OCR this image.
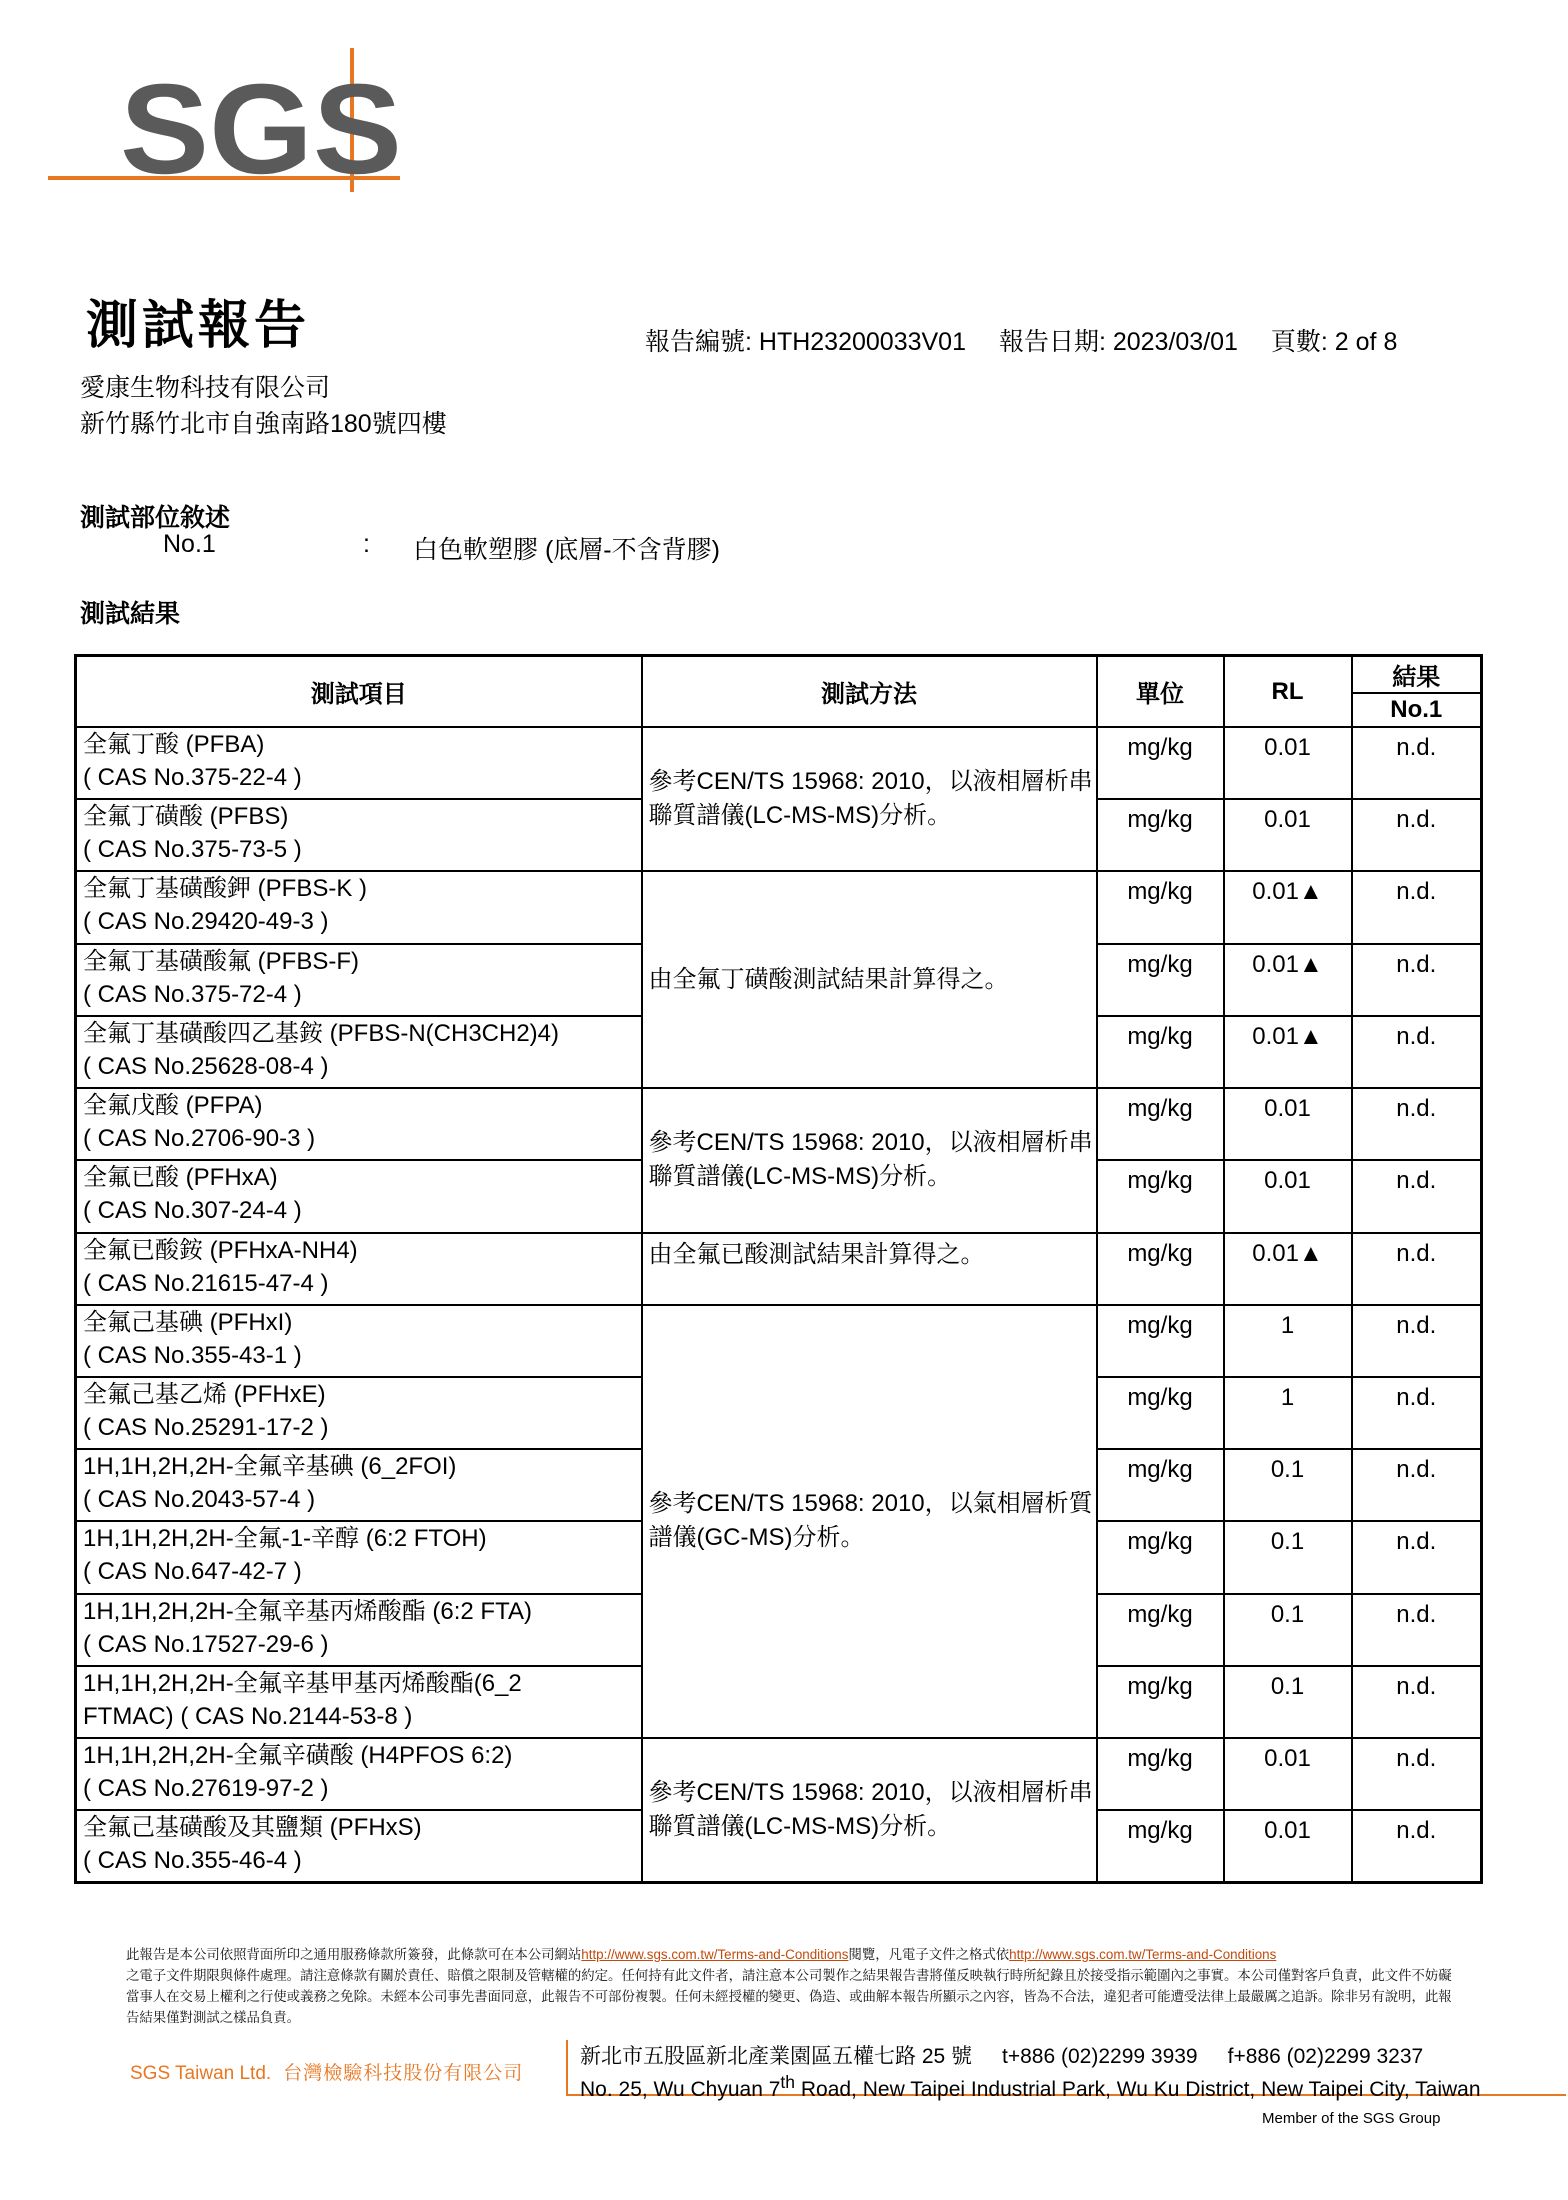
SGS
測試報告	報告編號: HTH23200033V01 報告日期: 2023/03/01 頁數: 2 of 8
愛康生物科技有限公司
新竹縣竹北市自強南路180號四樓
測試部位敘述
No.1	: 白色軟塑膠 (底層-不含背膠)
測試結果
測試項目	測試方法	單位	RL	結果
				No.1

全氟丁酸 (PFBA)
( CAS No.375-22-4 )	參考CEN/TS 15968: 2010，以液相層析串聯質譜儀(LC-MS-MS)分析。	mg/kg	0.01	n.d.

全氟丁磺酸 (PFBS)
( CAS No.375-73-5 )		mg/kg	0.01	n.d.

全氟丁基磺酸鉀 (PFBS-K )
( CAS No.29420-49-3 )	由全氟丁磺酸測試結果計算得之。	mg/kg	0.01▲	n.d.

全氟丁基磺酸氟 (PFBS-F)
( CAS No.375-72-4 )		mg/kg	0.01▲	n.d.

全氟丁基磺酸四乙基銨 (PFBS-N(CH3CH2)4)
( CAS No.25628-08-4 )		mg/kg	0.01▲	n.d.

全氟戊酸 (PFPA)
( CAS No.2706-90-3 )	參考CEN/TS 15968: 2010，以液相層析串聯質譜儀(LC-MS-MS)分析。	mg/kg	0.01	n.d.

全氟已酸 (PFHxA)
( CAS No.307-24-4 )		mg/kg	0.01	n.d.

全氟已酸銨 (PFHxA-NH4)
( CAS No.21615-47-4 )	由全氟已酸測試結果計算得之。	mg/kg	0.01▲	n.d.

全氟己基碘 (PFHxI)
( CAS No.355-43-1 )	參考CEN/TS 15968: 2010，以氣相層析質譜儀(GC-MS)分析。	mg/kg	1	n.d.

全氟己基乙烯 (PFHxE)
( CAS No.25291-17-2 )		mg/kg	1	n.d.

1H,1H,2H,2H-全氟辛基碘 (6_2FOI)
( CAS No.2043-57-4 )		mg/kg	0.1	n.d.

1H,1H,2H,2H-全氟-1-辛醇 (6:2 FTOH)
( CAS No.647-42-7 )		mg/kg	0.1	n.d.

1H,1H,2H,2H-全氟辛基丙烯酸酯 (6:2 FTA)
( CAS No.17527-29-6 )		mg/kg	0.1	n.d.

1H,1H,2H,2H-全氟辛基甲基丙烯酸酯(6_2
FTMAC) ( CAS No.2144-53-8 )		mg/kg	0.1	n.d.

1H,1H,2H,2H-全氟辛磺酸 (H4PFOS 6:2)
( CAS No.27619-97-2 )	參考CEN/TS 15968: 2010，以液相層析串聯質譜儀(LC-MS-MS)分析。	mg/kg	0.01	n.d.

全氟己基磺酸及其鹽類 (PFHxS)
( CAS No.355-46-4 )		mg/kg	0.01	n.d.
此報告是本公司依照背面所印之通用服務條款所簽發，此條款可在本公司網站http://www.sgs.com.tw/Terms-and-Conditions閱覽，凡電子文件之格式依http://www.sgs.com.tw/Terms-and-Conditions
之電子文件期限與條件處理。請注意條款有關於責任、賠償之限制及管轄權的約定。任何持有此文件者，請注意本公司製作之結果報告書將僅反映執行時所紀錄且於接受指示範圍內之事實。本公司僅對客戶負責，此文件不妨礙當事人在交易上權利之行使或義務之免除。未經本公司事先書面同意，此報告不可部份複製。任何未經授權的變更、偽造、或曲解本報告所顯示之內容，皆為不合法，違犯者可能遭受法律上最嚴厲之追訴。除非另有說明，此報告結果僅對測試之樣品負責。
SGS Taiwan Ltd. 台灣檢驗科技股份有限公司
新北市五股區新北產業園區五權七路 25 號 t+886 (02)2299 3939 f+886 (02)2299 3237
No. 25, Wu Chyuan 7th Road, New Taipei Industrial Park, Wu Ku District, New Taipei City, Taiwan
Member of the SGS Group
